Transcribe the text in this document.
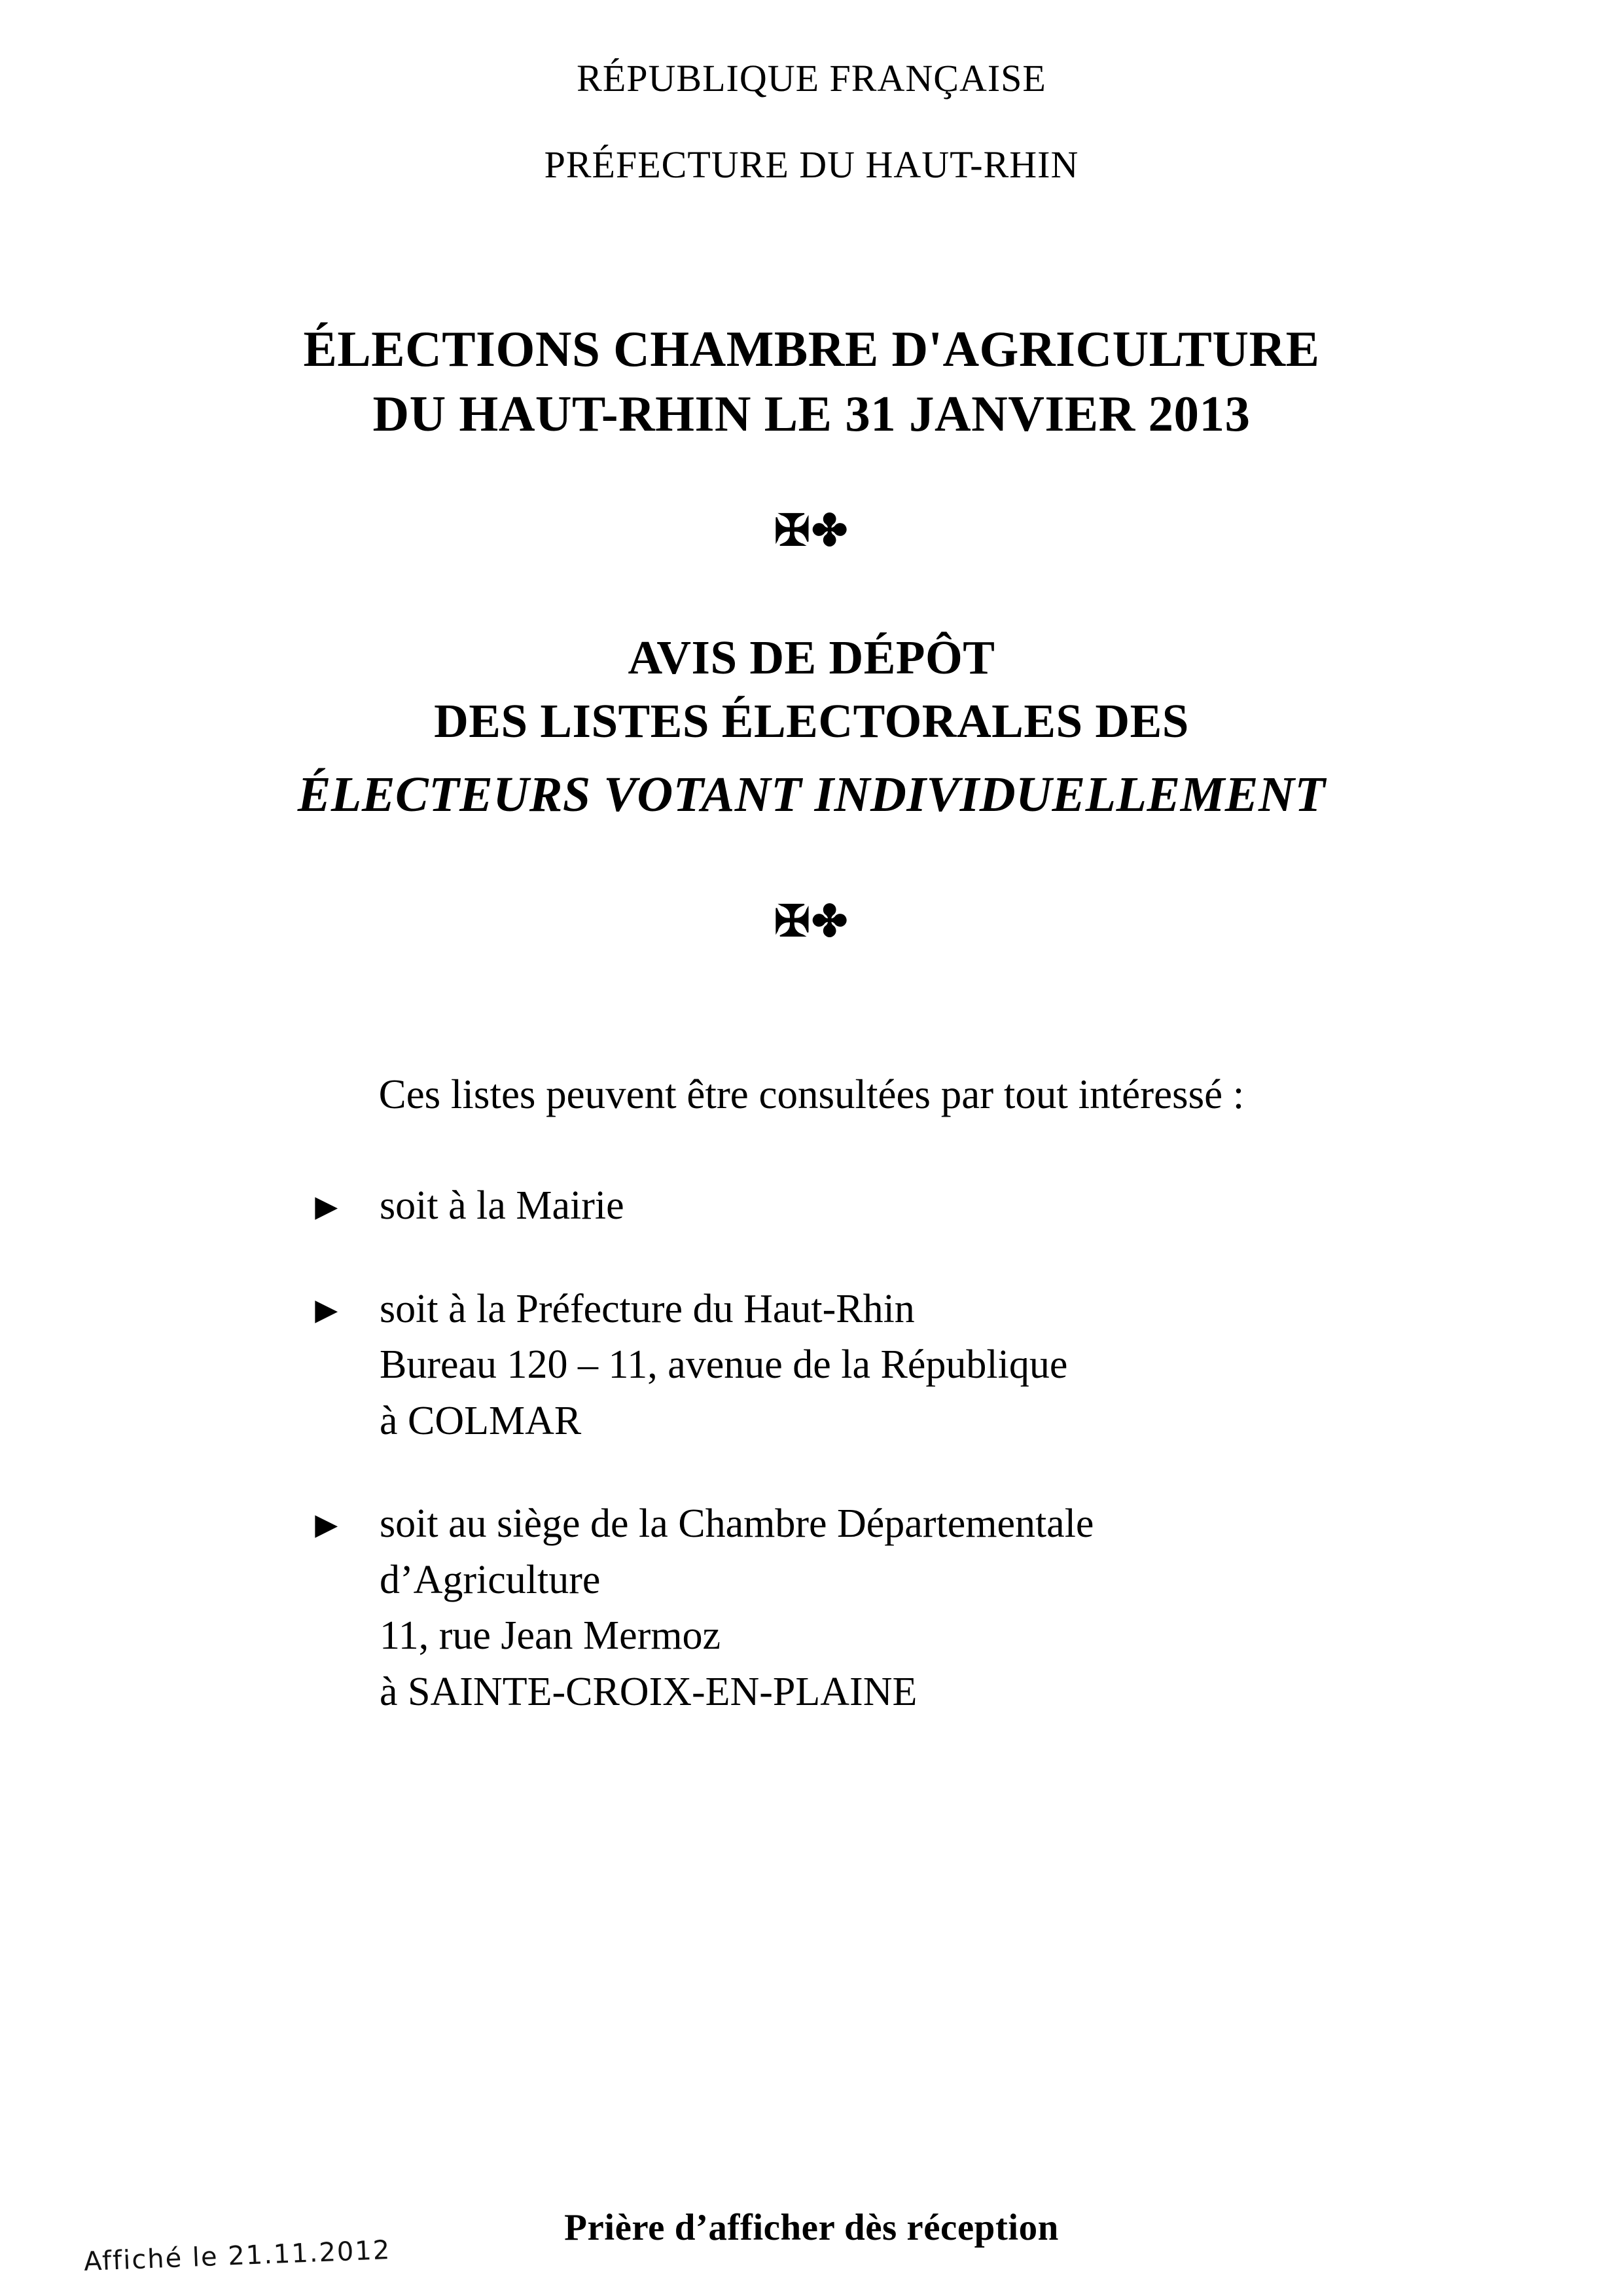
RÉPUBLIQUE FRANÇAISE
PRÉFECTURE DU HAUT-RHIN
ÉLECTIONS CHAMBRE D'AGRICULTURE
DU HAUT-RHIN LE 31 JANVIER 2013
✠✤
AVIS DE DÉPÔT
DES LISTES ÉLECTORALES DES
ÉLECTEURS VOTANT INDIVIDUELLEMENT
✠✤
Ces listes peuvent être consultées par tout intéressé :
► soit à la Mairie
► soit à la Préfecture du Haut-Rhin
Bureau 120 – 11, avenue de la République
à COLMAR
► soit au siège de la Chambre Départementale
d’Agriculture
11, rue Jean Mermoz
à SAINTE-CROIX-EN-PLAINE
Prière d’afficher dès réception
Affiché le 21.11.2012
